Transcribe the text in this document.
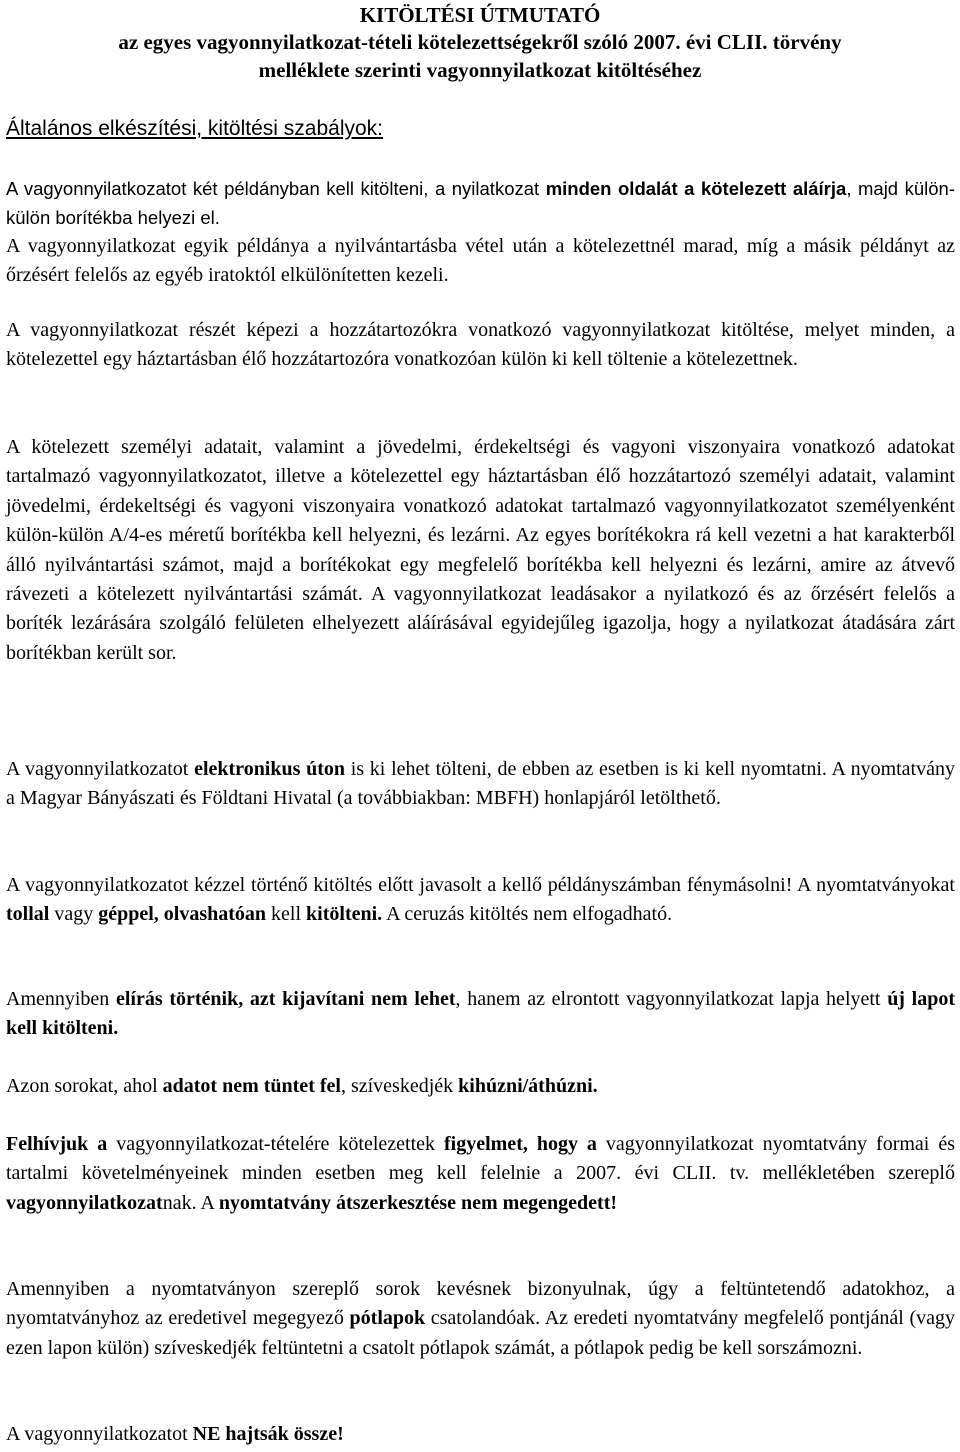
KITÖLTÉSI ÚTMUTATÓ
az egyes vagyonnyilatkozat-tételi kötelezettségekről szóló 2007. évi CLII. törvény
melléklete szerinti vagyonnyilatkozat kitöltéséhez
Általános elkészítési, kitöltési szabályok:
A vagyonnyilatkozatot két példányban kell kitölteni, a nyilatkozat minden oldalát a kötelezett aláírja, majd külön-külön borítékba helyezi el.
A vagyonnyilatkozat egyik példánya a nyilvántartásba vétel után a kötelezettnél marad, míg a másik példányt az őrzésért felelős az egyéb iratoktól elkülönítetten kezeli.
A vagyonnyilatkozat részét képezi a hozzátartozókra vonatkozó vagyonnyilatkozat kitöltése, melyet minden, a kötelezettel egy háztartásban élő hozzátartozóra vonatkozóan külön ki kell töltenie a kötelezettnek.
A kötelezett személyi adatait, valamint a jövedelmi, érdekeltségi és vagyoni viszonyaira vonatkozó adatokat tartalmazó vagyonnyilatkozatot, illetve a kötelezettel egy háztartásban élő hozzátartozó személyi adatait, valamint jövedelmi, érdekeltségi és vagyoni viszonyaira vonatkozó adatokat tartalmazó vagyonnyilatkozatot személyenként külön-külön A/4-es méretű borítékba kell helyezni, és lezárni. Az egyes borítékokra rá kell vezetni a hat karakterből álló nyilvántartási számot, majd a borítékokat egy megfelelő borítékba kell helyezni és lezárni, amire az átvevő rávezeti a kötelezett nyilvántartási számát. A vagyonnyilatkozat leadásakor a nyilatkozó és az őrzésért felelős a boríték lezárására szolgáló felületen elhelyezett aláírásával egyidejűleg igazolja, hogy a nyilatkozat átadására zárt borítékban került sor.
A vagyonnyilatkozatot elektronikus úton is ki lehet tölteni, de ebben az esetben is ki kell nyomtatni. A nyomtatvány a Magyar Bányászati és Földtani Hivatal (a továbbiakban: MBFH) honlapjáról letölthető.
A vagyonnyilatkozatot kézzel történő kitöltés előtt javasolt a kellő példányszámban fénymásolni! A nyomtatványokat tollal vagy géppel, olvashatóan kell kitölteni. A ceruzás kitöltés nem elfogadható.
Amennyiben elírás történik, azt kijavítani nem lehet, hanem az elrontott vagyonnyilatkozat lapja helyett új lapot kell kitölteni.
Azon sorokat, ahol adatot nem tüntet fel, szíveskedjék kihúzni/áthúzni.
Felhívjuk a vagyonnyilatkozat-tételére kötelezettek figyelmet, hogy a vagyonnyilatkozat nyomtatvány formai és tartalmi követelményeinek minden esetben meg kell felelnie a 2007. évi CLII. tv. mellékletében szereplő vagyonnyilatkozatnak. A nyomtatvány átszerkesztése nem megengedett!
Amennyiben a nyomtatványon szereplő sorok kevésnek bizonyulnak, úgy a feltüntetendő adatokhoz, a nyomtatványhoz az eredetivel megegyező pótlapok csatolandóak. Az eredeti nyomtatvány megfelelő pontjánál (vagy ezen lapon külön) szíveskedjék feltüntetni a csatolt pótlapok számát, a pótlapok pedig be kell sorszámozni.
A vagyonnyilatkozatot NE hajtsák össze!
